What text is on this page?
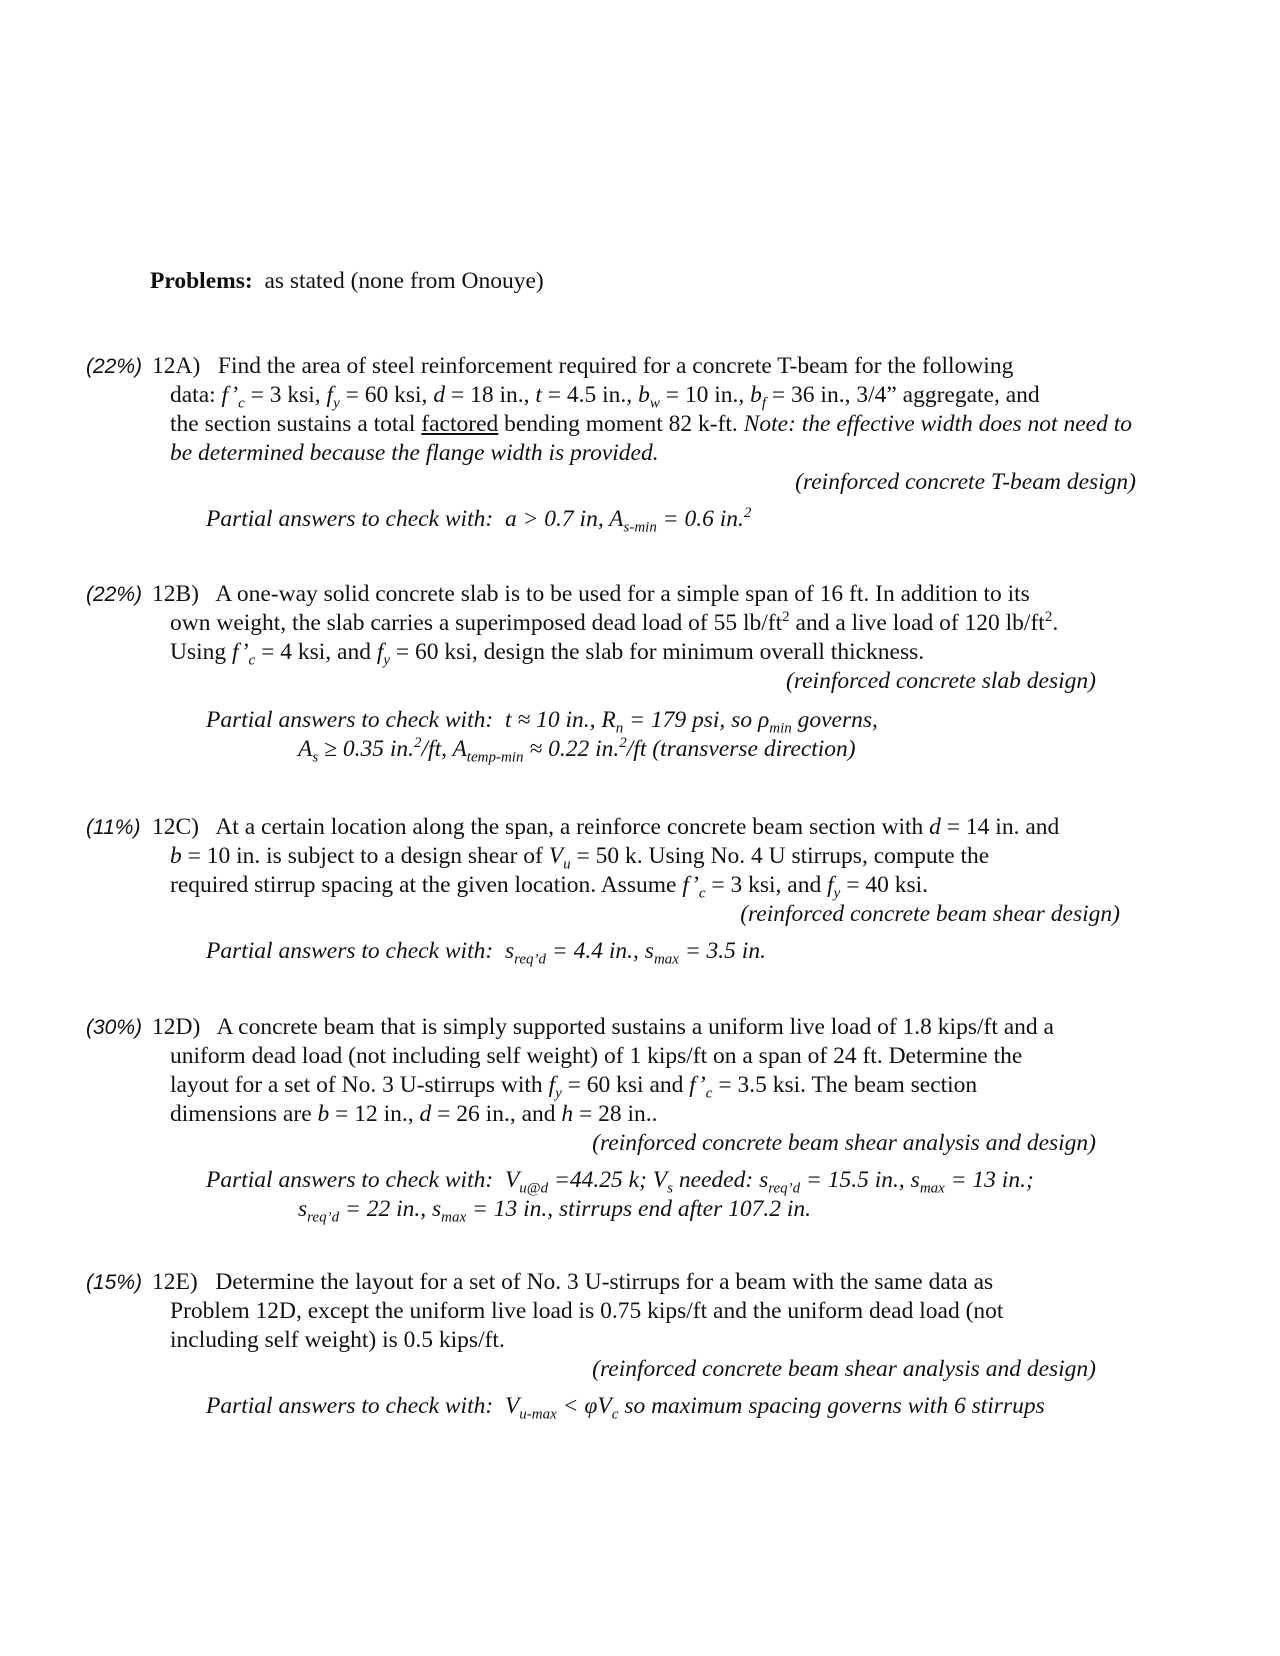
Problems: as stated (none from Onouye)
(22%) 12A)   Find the area of steel reinforcement required for a concrete T-beam for the following
data: $f’_c = 3$ ksi, $f_y = 60$ ksi, d = 18 in., t = 4.5 in., $b_w = 10$ in., $b_f = 36$ in., 3/4” aggregate, and
the section sustains a total factored bending moment 82 k-ft. Note: the effective width does not need to be determined because the flange width is provided.
(reinforced concrete T-beam design)
Partial answers to check with: a > 0.7 in, $A_{s-min} = 0.6$ in.$^2$
(22%) 12B)   A one-way solid concrete slab is to be used for a simple span of 16 ft. In addition to its
own weight, the slab carries a superimposed dead load of 55 $lb/ft^2$ and a live load of 120 $lb/ft^2$.
Using $f’_c = 4$ ksi, and $f_y = 60$ ksi, design the slab for minimum overall thickness.
(reinforced concrete slab design)
Partial answers to check with: t ≈ 10 in., $R_n = 179$ psi, so $\rho_{min}$ governs,
$A_s \ge 0.35$ in.$^2$/ft, $A_{temp-min} \approx 0.22$ in.$^2$/ft (transverse direction)
(11%) 12C)   At a certain location along the span, a reinforce concrete beam section with d = 14 in. and
b = 10 in. is subject to a design shear of $V_u = 50$ k. Using No. 4 U stirrups, compute the
required stirrup spacing at the given location. Assume $f’_c = 3$ ksi, and $f_y = 40$ ksi.
(reinforced concrete beam shear design)
Partial answers to check with: $s_{req’d} = 4.4$ in., $s_{max} = 3.5$ in.
(30%) 12D)   A concrete beam that is simply supported sustains a uniform live load of 1.8 kips/ft and a
uniform dead load (not including self weight) of 1 kips/ft on a span of 24 ft. Determine the
layout for a set of No. 3 U-stirrups with $f_y = 60$ ksi and $f’_c = 3.5$ ksi. The beam section
dimensions are b = 12 in., d = 26 in., and h = 28 in..
(reinforced concrete beam shear analysis and design)
Partial answers to check with: $V_{u@d} =44.25$ k; $V_s$ needed: $s_{req’d} = 15.5$ in., $s_{max} = 13$ in.;
$s_{req’d} = 22$ in., $s_{max} = 13$ in., stirrups end after 107.2 in.
(15%) 12E)   Determine the layout for a set of No. 3 U-stirrups for a beam with the same data as
Problem 12D, except the uniform live load is 0.75 kips/ft and the uniform dead load (not
including self weight) is 0.5 kips/ft.
(reinforced concrete beam shear analysis and design)
Partial answers to check with: $V_{u-max} < \varphi V_c$ so maximum spacing governs with 6 stirrups
